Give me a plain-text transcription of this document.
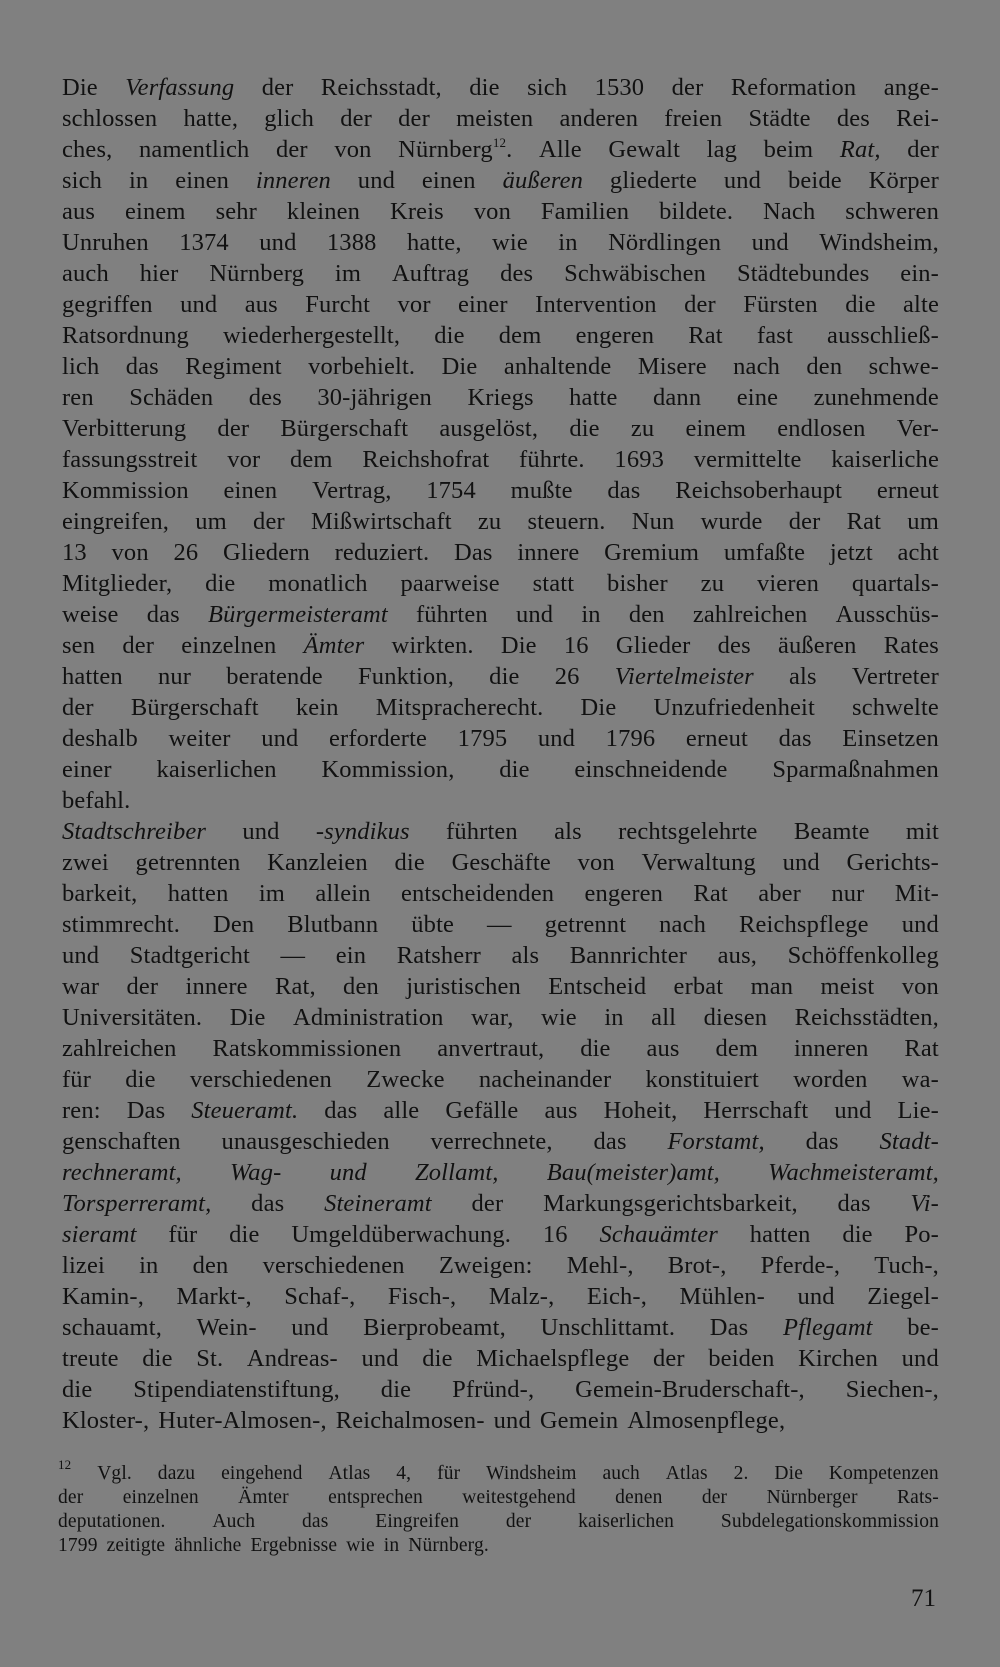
Die Verfassung der Reichsstadt, die sich 1530 der Reformation ange-
schlossen hatte, glich der der meisten anderen freien Städte des Rei-
ches, namentlich der von Nürnberg$^{12}$. Alle Gewalt lag beim Rat, der
sich in einen inneren und einen äußeren gliederte und beide Körper
aus einem sehr kleinen Kreis von Familien bildete. Nach schweren
Unruhen 1374 und 1388 hatte, wie in Nördlingen und Windsheim,
auch hier Nürnberg im Auftrag des Schwäbischen Städtebundes ein-
gegriffen und aus Furcht vor einer Intervention der Fürsten die alte
Ratsordnung wiederhergestellt, die dem engeren Rat fast ausschließ-
lich das Regiment vorbehielt. Die anhaltende Misere nach den schwe-
ren Schäden des 30-jährigen Kriegs hatte dann eine zunehmende
Verbitterung der Bürgerschaft ausgelöst, die zu einem endlosen Ver-
fassungsstreit vor dem Reichshofrat führte. 1693 vermittelte kaiserliche
Kommission einen Vertrag, 1754 mußte das Reichsoberhaupt erneut
eingreifen, um der Mißwirtschaft zu steuern. Nun wurde der Rat um
13 von 26 Gliedern reduziert. Das innere Gremium umfaßte jetzt acht
Mitglieder, die monatlich paarweise statt bisher zu vieren quartals-
weise das Bürgermeisteramt führten und in den zahlreichen Ausschüs-
sen der einzelnen Ämter wirkten. Die 16 Glieder des äußeren Rates
hatten nur beratende Funktion, die 26 Viertelmeister als Vertreter
der Bürgerschaft kein Mitspracherecht. Die Unzufriedenheit schwelte
deshalb weiter und erforderte 1795 und 1796 erneut das Einsetzen
einer kaiserlichen Kommission, die einschneidende Sparmaßnahmen
befahl.
Stadtschreiber und -syndikus führten als rechtsgelehrte Beamte mit
zwei getrennten Kanzleien die Geschäfte von Verwaltung und Gerichts-
barkeit, hatten im allein entscheidenden engeren Rat aber nur Mit-
stimmrecht. Den Blutbann übte — getrennt nach Reichspflege und
und Stadtgericht — ein Ratsherr als Bannrichter aus, Schöffenkolleg
war der innere Rat, den juristischen Entscheid erbat man meist von
Universitäten. Die Administration war, wie in all diesen Reichsstädten,
zahlreichen Ratskommissionen anvertraut, die aus dem inneren Rat
für die verschiedenen Zwecke nacheinander konstituiert worden wa-
ren: Das Steueramt. das alle Gefälle aus Hoheit, Herrschaft und Lie-
genschaften unausgeschieden verrechnete, das Forstamt, das Stadt-
rechneramt, Wag- und Zollamt, Bau(meister)amt, Wachmeisteramt,
Torsperreramt, das Steineramt der Markungsgerichtsbarkeit, das Vi-
sieramt für die Umgeldüberwachung. 16 Schauämter hatten die Po-
lizei in den verschiedenen Zweigen: Mehl-, Brot-, Pferde-, Tuch-,
Kamin-, Markt-, Schaf-, Fisch-, Malz-, Eich-, Mühlen- und Ziegel-
schauamt, Wein- und Bierprobeamt, Unschlittamt. Das Pflegamt be-
treute die St. Andreas- und die Michaelspflege der beiden Kirchen und
die Stipendiatenstiftung, die Pfründ-, Gemein-Bruderschaft-, Siechen-,
Kloster-, Huter-Almosen-, Reichalmosen- und Gemein Almosenpflege,
$^{12}$ Vgl. dazu eingehend Atlas 4, für Windsheim auch Atlas 2. Die Kompetenzen
der einzelnen Ämter entsprechen weitestgehend denen der Nürnberger Rats-
deputationen. Auch das Eingreifen der kaiserlichen Subdelegationskommission
1799 zeitigte ähnliche Ergebnisse wie in Nürnberg.
71
